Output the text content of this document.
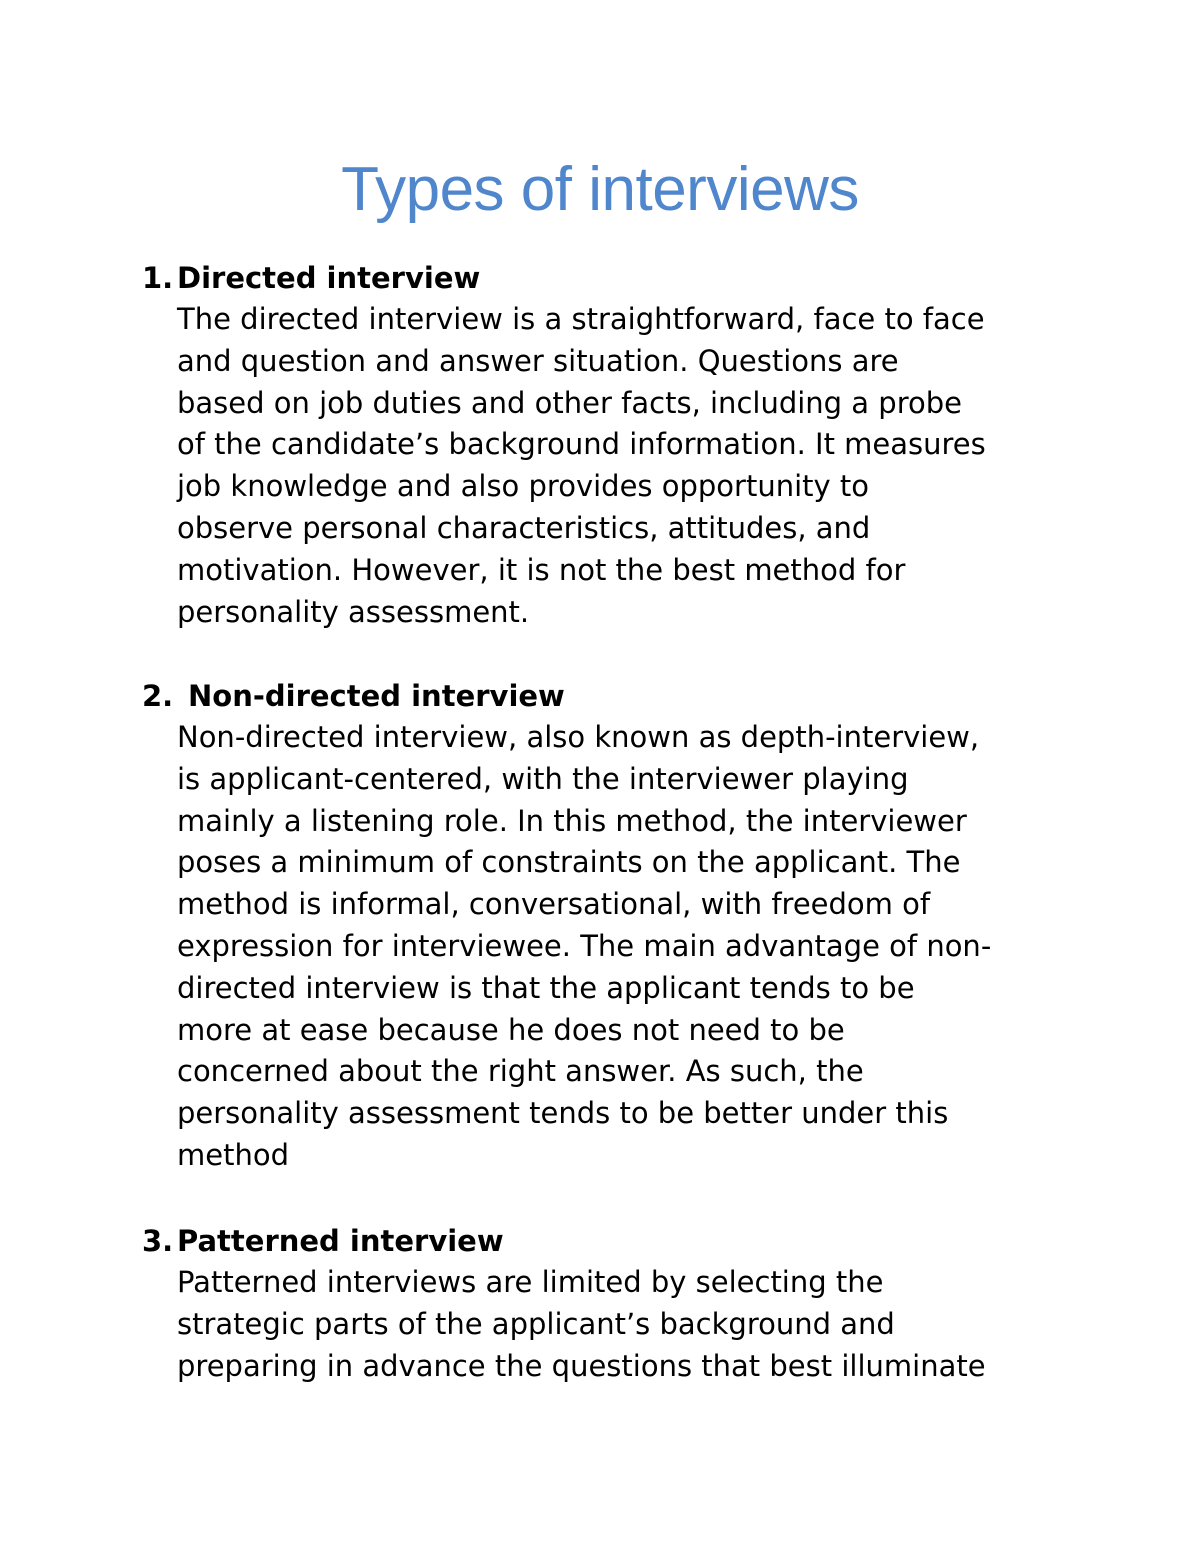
Types of interviews
1. Directed interview

The directed interview is a straightforward, face to face
and question and answer situation. Questions are
based on job duties and other facts, including a probe
of the candidate’s background information. It measures
job knowledge and also provides opportunity to
observe personal characteristics, attitudes, and
motivation. However, it is not the best method for
personality assessment.

2. Non-directed interview

Non-directed interview, also known as depth-interview,
is applicant-centered, with the interviewer playing
mainly a listening role. In this method, the interviewer
poses a minimum of constraints on the applicant. The
method is informal, conversational, with freedom of
expression for interviewee. The main advantage of non-
directed interview is that the applicant tends to be
more at ease because he does not need to be
concerned about the right answer. As such, the
personality assessment tends to be better under this
method

3. Patterned interview

Patterned interviews are limited by selecting the
strategic parts of the applicant’s background and
preparing in advance the questions that best illuminate
